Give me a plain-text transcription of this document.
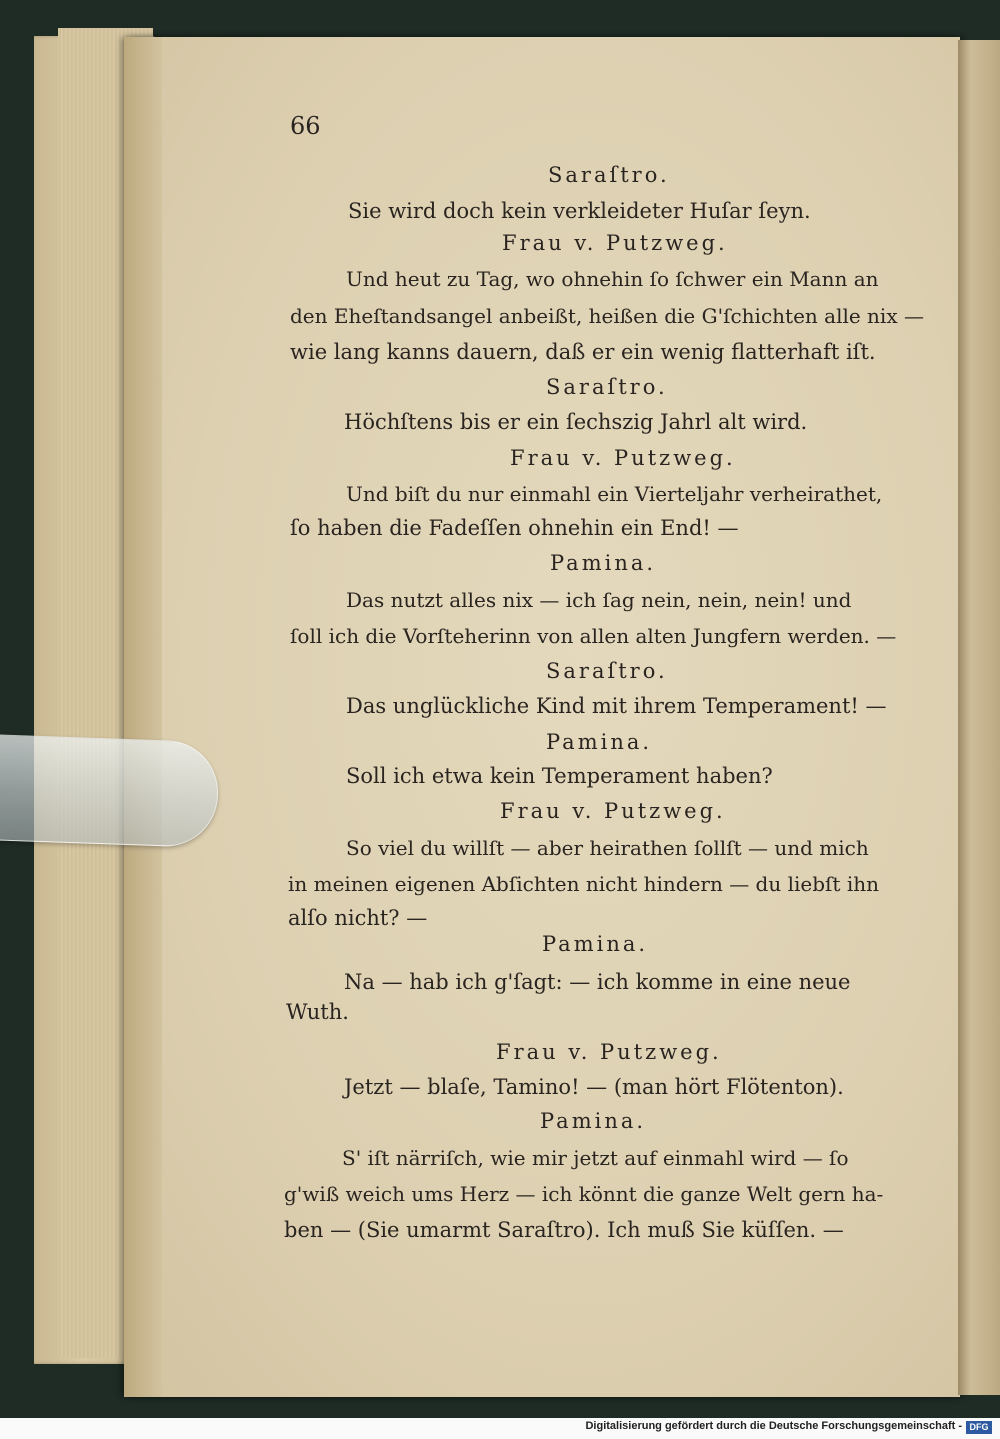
66

Saraſtro.

Sie wird doch kein verkleideter Huſar ſeyn.

Frau v. Putzweg.

Und heut zu Tag, wo ohnehin ſo ſchwer ein Mann an

den Eheſtandsangel anbeißt, heißen die G'ſchichten alle nix —

wie lang kanns dauern, daß er ein wenig flatterhaft iſt.

Saraſtro.

Höchſtens bis er ein ſechszig Jahrl alt wird.

Frau v. Putzweg.

Und biſt du nur einmahl ein Vierteljahr verheirathet,

ſo haben die Fadeſſen ohnehin ein End! —

Pamina.

Das nutzt alles nix — ich ſag nein, nein, nein! und

ſoll ich die Vorſteherinn von allen alten Jungfern werden. —

Saraſtro.

Das unglückliche Kind mit ihrem Temperament! —

Pamina.

Soll ich etwa kein Temperament haben?

Frau v. Putzweg.

So viel du willſt — aber heirathen ſollſt — und mich

in meinen eigenen Abſichten nicht hindern — du liebſt ihn

alſo nicht? —

Pamina.

Na — hab ich g'ſagt: — ich komme in eine neue

Wuth.

Frau v. Putzweg.

Jetzt — blaſe, Tamino! — (man hört Flötenton).

Pamina.

S' iſt närriſch, wie mir jetzt auf einmahl wird — ſo

g'wiß weich ums Herz — ich könnt die ganze Welt gern ha-

ben — (Sie umarmt Saraſtro). Ich muß Sie küſſen. —

Digitalisierung gefördert durch die Deutsche Forschungsgemeinschaft - DFG
